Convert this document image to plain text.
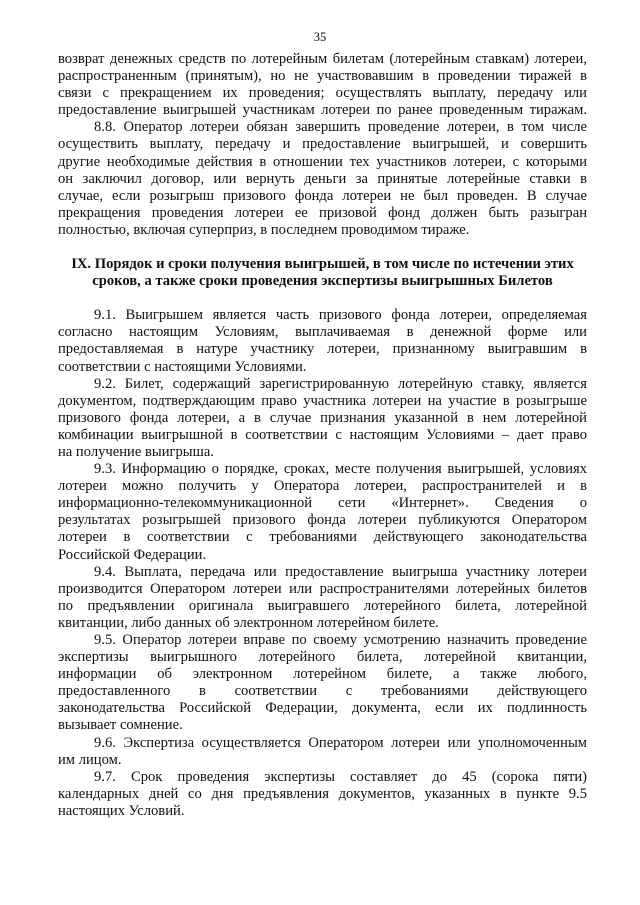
35
возврат денежных средств по лотерейным билетам (лотерейным ставкам) лотереи,
распространенным (принятым), но не участвовавшим в проведении тиражей в
связи с прекращением их проведения; осуществлять выплату, передачу или
предоставление выигрышей участникам лотереи по ранее проведенным тиражам.
8.8. Оператор лотереи обязан завершить проведение лотереи, в том числе
осуществить выплату, передачу и предоставление выигрышей, и совершить
другие необходимые действия в отношении тех участников лотереи, с которыми
он заключил договор, или вернуть деньги за принятые лотерейные ставки в
случае, если розыгрыш призового фонда лотереи не был проведен. В случае
прекращения проведения лотереи ее призовой фонд должен быть разыгран
полностью, включая суперприз, в последнем проводимом тираже.
IX. Порядок и сроки получения выигрышей, в том числе по истечении этих
сроков, а также сроки проведения экспертизы выигрышных Билетов
9.1. Выигрышем является часть призового фонда лотереи, определяемая
согласно настоящим Условиям, выплачиваемая в денежной форме или
предоставляемая в натуре участнику лотереи, признанному выигравшим в
соответствии с настоящими Условиями.
9.2. Билет, содержащий зарегистрированную лотерейную ставку, является
документом, подтверждающим право участника лотереи на участие в розыгрыше
призового фонда лотереи, а в случае признания указанной в нем лотерейной
комбинации выигрышной в соответствии с настоящим Условиями – дает право
на получение выигрыша.
9.3. Информацию о порядке, сроках, месте получения выигрышей, условиях
лотереи можно получить у Оператора лотереи, распространителей и в
информационно-телекоммуникационной сети «Интернет». Сведения о
результатах розыгрышей призового фонда лотереи публикуются Оператором
лотереи в соответствии с требованиями действующего законодательства
Российской Федерации.
9.4. Выплата, передача или предоставление выигрыша участнику лотереи
производится Оператором лотереи или распространителями лотерейных билетов
по предъявлении оригинала выигравшего лотерейного билета, лотерейной
квитанции, либо данных об электронном лотерейном билете.
9.5. Оператор лотереи вправе по своему усмотрению назначить проведение
экспертизы выигрышного лотерейного билета, лотерейной квитанции,
информации об электронном лотерейном билете, а также любого,
предоставленного в соответствии с требованиями действующего
законодательства Российской Федерации, документа, если их подлинность
вызывает сомнение.
9.6. Экспертиза осуществляется Оператором лотереи или уполномоченным
им лицом.
9.7. Срок проведения экспертизы составляет до 45 (сорока пяти)
календарных дней со дня предъявления документов, указанных в пункте 9.5
настоящих Условий.
